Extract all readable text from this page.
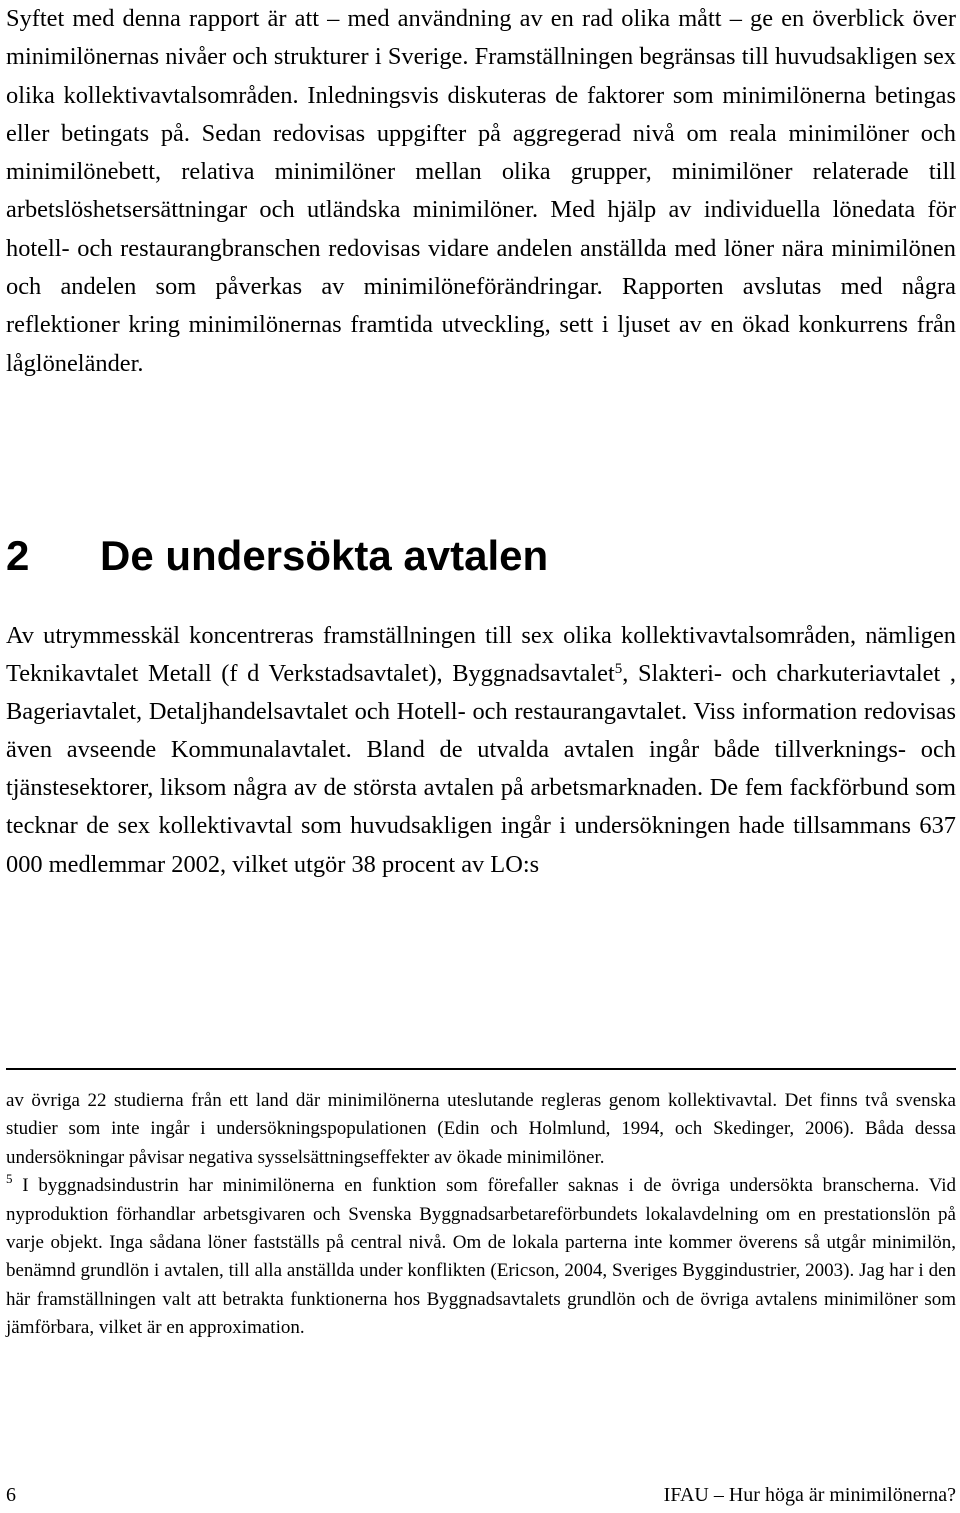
Syftet med denna rapport är att – med användning av en rad olika mått – ge en överblick över minimilönernas nivåer och strukturer i Sverige. Framställningen begränsas till huvudsakligen sex olika kollektivavtalsområden. Inledningsvis diskuteras de faktorer som minimilönerna betingas eller betingats på. Sedan redovisas uppgifter på aggregerad nivå om reala minimilöner och minimilönebett, relativa minimilöner mellan olika grupper, minimilöner relaterade till arbetslöshetsersättningar och utländska minimilöner. Med hjälp av individuella lönedata för hotell- och restaurangbranschen redovisas vidare andelen anställda med löner nära minimilönen och andelen som påverkas av minimilöneförändringar. Rapporten avslutas med några reflektioner kring minimilönernas framtida utveckling, sett i ljuset av en ökad konkurrens från låglöneländer.

2	De undersökta avtalen

Av utrymmesskäl koncentreras framställningen till sex olika kollektivavtalsområden, nämligen Teknikavtalet Metall (f d Verkstadsavtalet), Byggnadsavtalet$^5$, Slakteri- och charkuteriavtalet , Bageriavtalet, Detaljhandelsavtalet och Hotell- och restaurangavtalet. Viss information redovisas även avseende Kommunalavtalet. Bland de utvalda avtalen ingår både tillverknings- och tjänstesektorer, liksom några av de största avtalen på arbetsmarknaden. De fem fackförbund som tecknar de sex kollektivavtal som huvudsakligen ingår i undersökningen hade tillsammans 637 000 medlemmar 2002, vilket utgör 38 procent av LO:s

av övriga 22 studierna från ett land där minimilönerna uteslutande regleras genom kollektivavtal. Det finns två svenska studier som inte ingår i undersökningspopulationen (Edin och Holmlund, 1994, och Skedinger, 2006). Båda dessa undersökningar påvisar negativa sysselsättningseffekter av ökade minimilöner.

$^5$ I byggnadsindustrin har minimilönerna en funktion som förefaller saknas i de övriga undersökta branscherna. Vid nyproduktion förhandlar arbetsgivaren och Svenska Byggnadsarbetareförbundets lokalavdelning om en prestationslön på varje objekt. Inga sådana löner fastställs på central nivå. Om de lokala parterna inte kommer överens så utgår minimilön, benämnd grundlön i avtalen, till alla anställda under konflikten (Ericson, 2004, Sveriges Byggindustrier, 2003). Jag har i den här framställningen valt att betrakta funktionerna hos Byggnadsavtalets grundlön och de övriga avtalens minimilöner som jämförbara, vilket är en approximation.

6	IFAU – Hur höga är minimilönerna?
